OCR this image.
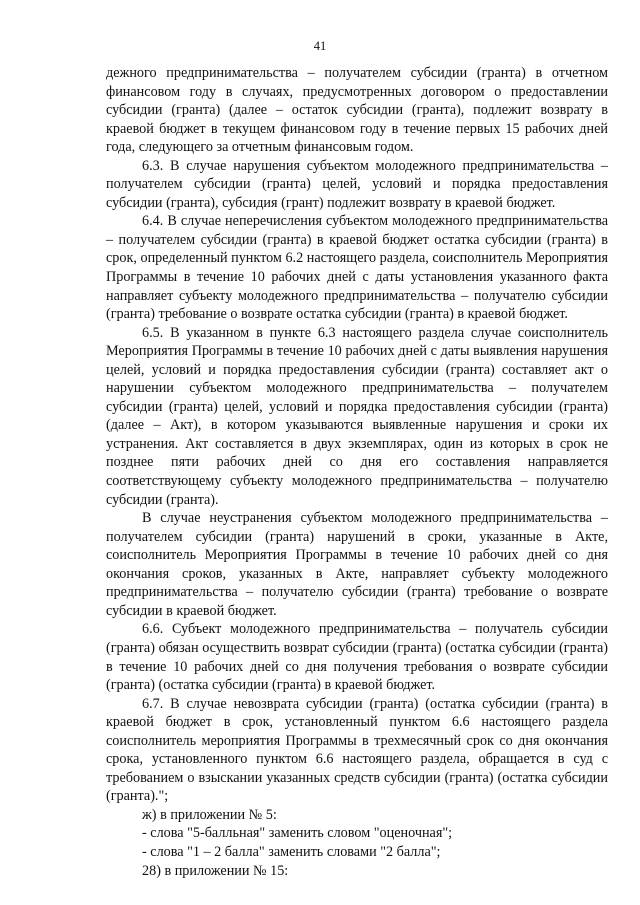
41

дежного предпринимательства – получателем субсидии (гранта) в отчетном финансовом году в случаях, предусмотренных договором о предоставлении субсидии (гранта) (далее – остаток субсидии (гранта), подлежит возврату в краевой бюджет в текущем финансовом году в течение первых 15 рабочих дней года, следующего за отчетным финансовым годом.

6.3. В случае нарушения субъектом молодежного предпринимательства – получателем субсидии (гранта) целей, условий и порядка предоставления субсидии (гранта), субсидия (грант) подлежит возврату в краевой бюджет.

6.4. В случае неперечисления субъектом молодежного предпринимательства – получателем субсидии (гранта) в краевой бюджет остатка субсидии (гранта) в срок, определенный пунктом 6.2 настоящего раздела, соисполнитель Мероприятия Программы в течение 10 рабочих дней с даты установления указанного факта направляет субъекту молодежного предпринимательства – получателю субсидии (гранта) требование о возврате остатка субсидии (гранта) в краевой бюджет.

6.5. В указанном в пункте 6.3 настоящего раздела случае соисполнитель Мероприятия Программы в течение 10 рабочих дней с даты выявления нарушения целей, условий и порядка предоставления субсидии (гранта) составляет акт о нарушении субъектом молодежного предпринимательства – получателем субсидии (гранта) целей, условий и порядка предоставления субсидии (гранта) (далее – Акт), в котором указываются выявленные нарушения и сроки их устранения. Акт составляется в двух экземплярах, один из которых в срок не позднее пяти рабочих дней со дня его составления направляется соответствующему субъекту молодежного предпринимательства – получателю субсидии (гранта).

В случае неустранения субъектом молодежного предпринимательства – получателем субсидии (гранта) нарушений в сроки, указанные в Акте, соисполнитель Мероприятия Программы в течение 10 рабочих дней со дня окончания сроков, указанных в Акте, направляет субъекту молодежного предпринимательства – получателю субсидии (гранта) требование о возврате субсидии в краевой бюджет.

6.6. Субъект молодежного предпринимательства – получатель субсидии (гранта) обязан осуществить возврат субсидии (гранта) (остатка субсидии (гранта) в течение 10 рабочих дней со дня получения требования о возврате субсидии (гранта) (остатка субсидии (гранта) в краевой бюджет.

6.7. В случае невозврата субсидии (гранта) (остатка субсидии (гранта) в краевой бюджет в срок, установленный пунктом 6.6 настоящего раздела соисполнитель мероприятия Программы в трехмесячный срок со дня окончания срока, установленного пунктом 6.6 настоящего раздела, обращается в суд с требованием о взыскании указанных средств субсидии (гранта) (остатка субсидии (гранта).";

ж) в приложении № 5:

- слова "5-балльная" заменить словом "оценочная";

- слова "1 – 2 балла" заменить словами "2 балла";

28) в приложении № 15:
